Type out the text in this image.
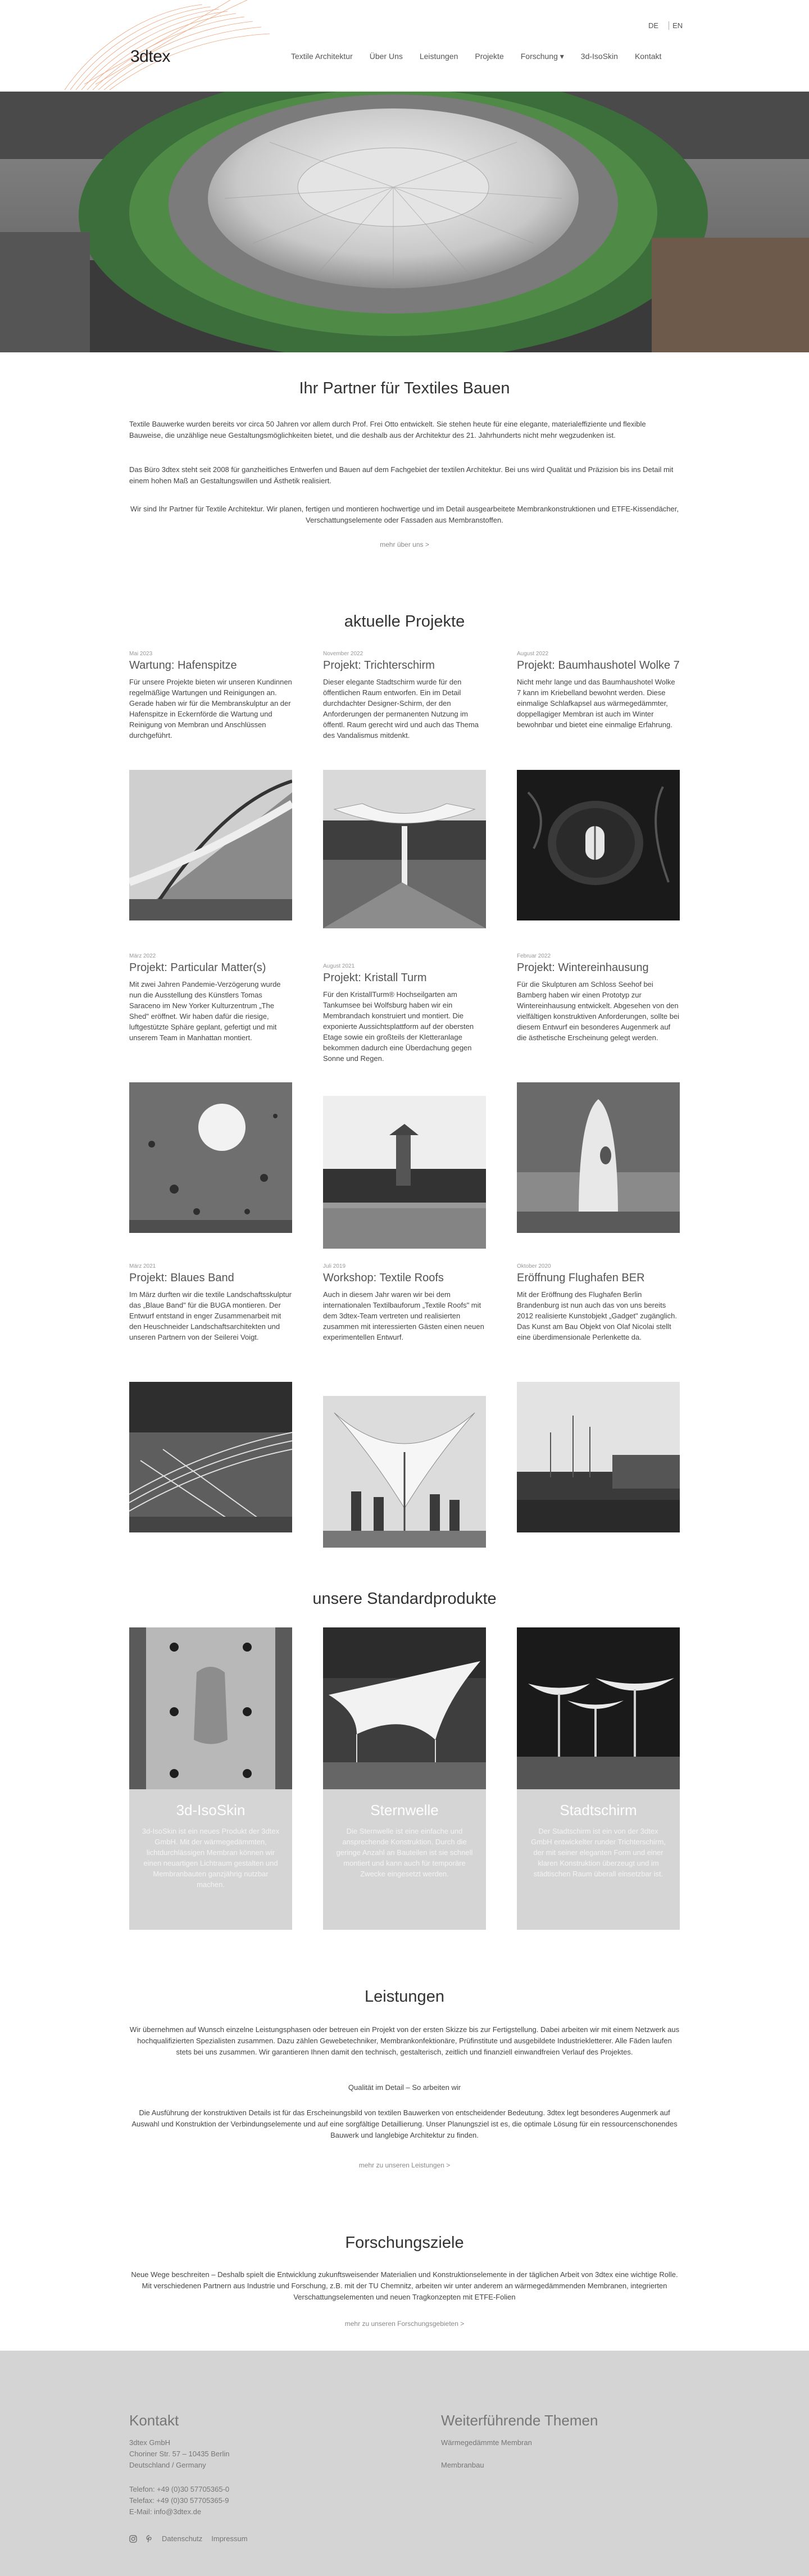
3dtex
DE	EN
Textile Architektur Über Uns Leistungen Projekte Forschung ▾ 3d-IsoSkin Kontakt
Ihr Partner für Textiles Bauen

Textile Bauwerke wurden bereits vor circa 50 Jahren vor allem durch Prof. Frei Otto entwickelt. Sie stehen heute für eine elegante, materialeffiziente und flexible Bauweise, die unzählige neue Gestaltungsmöglichkeiten bietet, und die deshalb aus der Architektur des 21. Jahrhunderts nicht mehr wegzudenken ist.

Das Büro 3dtex steht seit 2008 für ganzheitliches Entwerfen und Bauen auf dem Fachgebiet der textilen Architektur. Bei uns wird Qualität und Präzision bis ins Detail mit einem hohen Maß an Gestaltungswillen und Ästhetik realisiert.

Wir sind Ihr Partner für Textile Architektur. Wir planen, fertigen und montieren hochwertige und im Detail ausgearbeitete Membrankonstruktionen und ETFE-Kissendächer, Verschattungselemente oder Fassaden aus Membranstoffen.

mehr über uns >
aktuelle Projekte
Mai 2023
Wartung: Hafenspitze
Für unsere Projekte bieten wir unseren Kundinnen regelmäßige Wartungen und Reinigungen an. Gerade haben wir für die Membranskulptur an der Hafenspitze in Eckernförde die Wartung und Reinigung von Membran und Anschlüssen durchgeführt.
November 2022
Projekt: Trichterschirm
Dieser elegante Stadtschirm wurde für den öffentlichen Raum entworfen. Ein im Detail durchdachter Designer-Schirm, der den Anforderungen der permanenten Nutzung im öffentl. Raum gerecht wird und auch das Thema des Vandalismus mitdenkt.
August 2022
Projekt: Baumhaushotel Wolke 7
Nicht mehr lange und das Baumhaushotel Wolke 7 kann im Kriebelland bewohnt werden. Diese einmalige Schlafkapsel aus wärmegedämmter, doppellagiger Membran ist auch im Winter bewohnbar und bietet eine einmalige Erfahrung.
März 2022
Projekt: Particular Matter(s)
Mit zwei Jahren Pandemie-Verzögerung wurde nun die Ausstellung des Künstlers Tomas Saraceno im New Yorker Kulturzentrum „The Shed" eröffnet. Wir haben dafür die riesige, luftgestützte Sphäre geplant, gefertigt und mit unserem Team in Manhattan montiert.
August 2021
Projekt: Kristall Turm
Für den KristallTurm® Hochseilgarten am Tankumsee bei Wolfsburg haben wir ein Membrandach konstruiert und montiert. Die exponierte Aussichtsplattform auf der obersten Etage sowie ein großteils der Kletteranlage bekommen dadurch eine Überdachung gegen Sonne und Regen.
Februar 2022
Projekt: Wintereinhausung
Für die Skulpturen am Schloss Seehof bei Bamberg haben wir einen Prototyp zur Wintereinhausung entwickelt. Abgesehen von den vielfältigen konstruktiven Anforderungen, sollte bei diesem Entwurf ein besonderes Augenmerk auf die ästhetische Erscheinung gelegt werden.
März 2021
Projekt: Blaues Band
Im März durften wir die textile Landschaftsskulptur das „Blaue Band" für die BUGA montieren. Der Entwurf entstand in enger Zusammenarbeit mit den Heuschneider Landschaftsarchitekten und unseren Partnern von der Seilerei Voigt.
Juli 2019
Workshop: Textile Roofs
Auch in diesem Jahr waren wir bei dem internationalen Textilbauforum „Textile Roofs" mit dem 3dtex-Team vertreten und realisierten zusammen mit interessierten Gästen einen neuen experimentellen Entwurf.
Oktober 2020
Eröffnung Flughafen BER
Mit der Eröffnung des Flughafen Berlin Brandenburg ist nun auch das von uns bereits 2012 realisierte Kunstobjekt „Gadget" zugänglich. Das Kunst am Bau Objekt von Olaf Nicolai stellt eine überdimensionale Perlenkette da.
unsere Standardprodukte
3d-IsoSkin
3d-IsoSkin ist ein neues Produkt der 3dtex GmbH. Mit der wärmegedämmten, lichtdurchlässigen Membran können wir einen neuartigen Lichtraum gestalten und Membranbauten ganzjährig nutzbar machen.
Sternwelle
Die Sternwelle ist eine einfache und ansprechende Konstruktion. Durch die geringe Anzahl an Bauteilen ist sie schnell montiert und kann auch für temporäre Zwecke eingesetzt werden.
Stadtschirm
Der Stadtschirm ist ein von der 3dtex GmbH entwickelter runder Trichterschirm, der mit seiner eleganten Form und einer klaren Konstruktion überzeugt und im städtischen Raum überall einsetzbar ist.
Leistungen

Wir übernehmen auf Wunsch einzelne Leistungsphasen oder betreuen ein Projekt von der ersten Skizze bis zur Fertigstellung. Dabei arbeiten wir mit einem Netzwerk aus hochqualifizierten Spezialisten zusammen. Dazu zählen Gewebetechniker, Membrankonfektionäre, Prüfinstitute und ausgebildete Industriekletterer. Alle Fäden laufen stets bei uns zusammen. Wir garantieren Ihnen damit den technisch, gestalterisch, zeitlich und finanziell einwandfreien Verlauf des Projektes.

Qualität im Detail – So arbeiten wir

Die Ausführung der konstruktiven Details ist für das Erscheinungsbild von textilen Bauwerken von entscheidender Bedeutung. 3dtex legt besonderes Augenmerk auf Auswahl und Konstruktion der Verbindungselemente und auf eine sorgfältige Detaillierung. Unser Planungsziel ist es, die optimale Lösung für ein ressourcenschonendes Bauwerk und langlebige Architektur zu finden.

mehr zu unseren Leistungen >
Forschungsziele

Neue Wege beschreiten – Deshalb spielt die Entwicklung zukunftsweisender Materialien und Konstruktionselemente in der täglichen Arbeit von 3dtex eine wichtige Rolle. Mit verschiedenen Partnern aus Industrie und Forschung, z.B. mit der TU Chemnitz, arbeiten wir unter anderem an wärmegedämmenden Membranen, integrierten Verschattungselementen und neuen Tragkonzepten mit ETFE-Folien

mehr zu unseren Forschungsgebieten >
Kontakt
3dtex GmbH
Choriner Str. 57 – 10435 Berlin
Deutschland / Germany
Telefon: +49 (0)30 57705365-0
Telefax: +49 (0)30 57705365-9
E-Mail: info@3dtex.de
Weiterführende Themen
Wärmegedämmte Membran
Membranbau
Datenschutz Impressum
